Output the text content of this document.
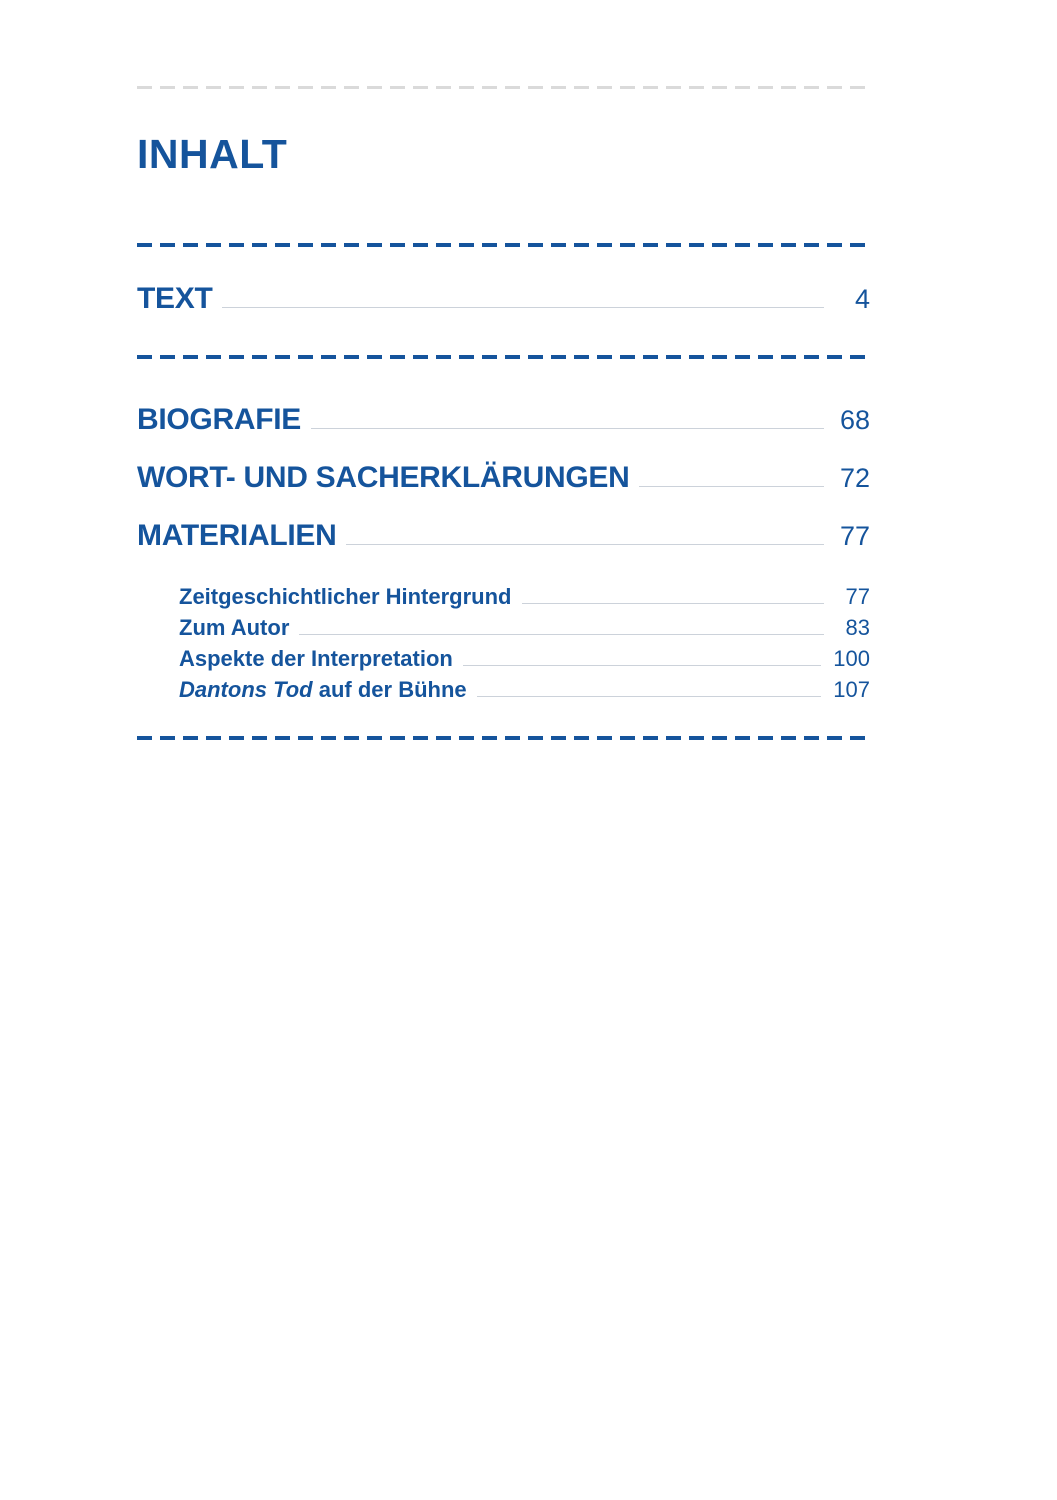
INHALT
TEXT	4
BIOGRAFIE	68
WORT- UND SACHERKLÄRUNGEN	72
MATERIALIEN	77
Zeitgeschichtlicher Hintergrund	77
Zum Autor	83
Aspekte der Interpretation	100
Dantons Tod auf der Bühne	107
